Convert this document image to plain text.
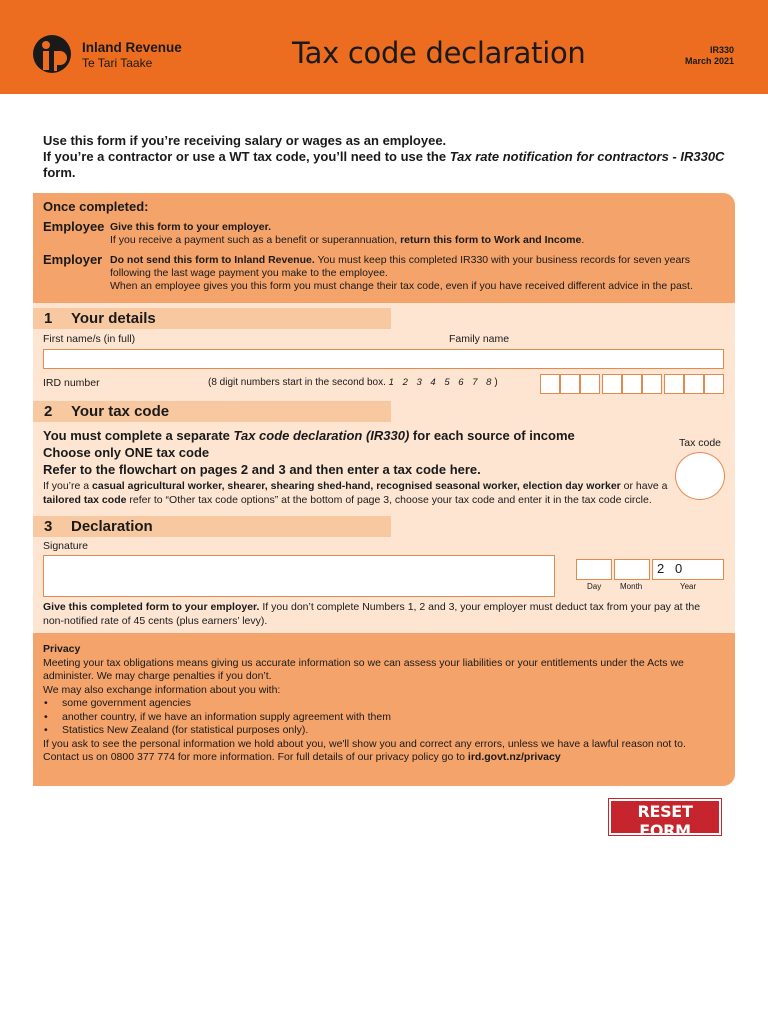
Inland Revenue
Te Tari Taake	Tax code declaration	IR330
March 2021
Use this form if you’re receiving salary or wages as an employee.
If you’re a contractor or use a WT tax code, you’ll need to use the Tax rate notification for contractors - IR330C form.
Once completed:
Employee Give this form to your employer.
If you receive a payment such as a benefit or superannuation, return this form to Work and Income.
Employer Do not send this form to Inland Revenue. You must keep this completed IR330 with your business records for seven years following the last wage payment you make to the employee.
When an employee gives you this form you must change their tax code, even if you have received different advice in the past.
1 Your details
First name/s (in full)	Family name
IRD number	(8 digit numbers start in the second box. 1 2 3 4 5 6 7 8)
2 Your tax code
You must complete a separate Tax code declaration (IR330) for each source of income
Choose only ONE tax code
Refer to the flowchart on pages 2 and 3 and then enter a tax code here.
If you’re a casual agricultural worker, shearer, shearing shed-hand, recognised seasonal worker, election day worker or have a tailored tax code refer to “Other tax code options” at the bottom of page 3, choose your tax code and enter it in the tax code circle.
Tax code
3 Declaration
Signature
2 0
Day Month	Year
Give this completed form to your employer. If you don’t complete Numbers 1, 2 and 3, your employer must deduct tax from your pay at the non-notified rate of 45 cents (plus earners’ levy).
Privacy
Meeting your tax obligations means giving us accurate information so we can assess your liabilities or your entitlements under the Acts we administer. We may charge penalties if you don’t.
We may also exchange information about you with:
• some government agencies
• another country, if we have an information supply agreement with them
• Statistics New Zealand (for statistical purposes only).
If you ask to see the personal information we hold about you, we'll show you and correct any errors, unless we have a lawful reason not to.
Contact us on 0800 377 774 for more information. For full details of our privacy policy go to ird.govt.nz/privacy
RESET FORM
